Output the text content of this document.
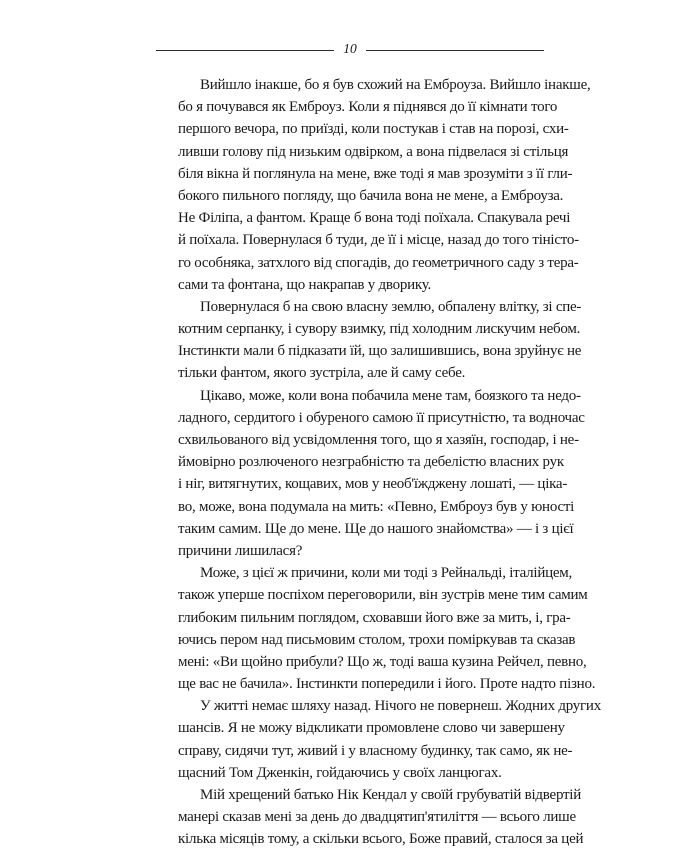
10
Вийшло інакше, бо я був схожий на Емброуза. Вийшло інакше,
бо я почувався як Емброуз. Коли я піднявся до її кімнати того
першого вечора, по приїзді, коли постукав і став на порозі, схи-
ливши голову під низьким одвірком, а вона підвелася зі стільця
біля вікна й поглянула на мене, вже тоді я мав зрозуміти з її гли-
бокого пильного погляду, що бачила вона не мене, а Емброуза.
Не Філіпа, а фантом. Краще б вона тоді поїхала. Спакувала речі
й поїхала. Повернулася б туди, де її і місце, назад до того тіністо-
го особняка, затхлого від спогадів, до геометричного саду з тера-
сами та фонтана, що накрапав у дворику.
Повернулася б на свою власну землю, обпалену влітку, зі спе-
котним серпанку, і сувору взимку, під холодним лискучим небом.
Інстинкти мали б підказати їй, що залишившись, вона зруйнує не
тільки фантом, якого зустріла, але й саму себе.
Цікаво, може, коли вона побачила мене там, боязкого та недо-
ладного, сердитого і обуреного самою її присутністю, та водночас
схвильованого від усвідомлення того, що я хазяїн, господар, і не-
ймовірно розлюченого незграбністю та дебелістю власних рук
і ніг, витягнутих, кощавих, мов у необ'їжджену лошаті, — ціка-
во, може, вона подумала на мить: «Певно, Емброуз був у юності
таким самим. Ще до мене. Ще до нашого знайомства» — і з цієї
причини лишилася?
Може, з цієї ж причини, коли ми тоді з Рейнальді, італійцем,
також уперше поспіхом переговорили, він зустрів мене тим самим
глибоким пильним поглядом, сховавши його вже за мить, і, гра-
ючись пером над письмовим столом, трохи поміркував та сказав
мені: «Ви щойно прибули? Що ж, тоді ваша кузина Рейчел, певно,
ще вас не бачила». Інстинкти попередили і його. Проте надто пізно.
У житті немає шляху назад. Нічого не повернеш. Жодних других
шансів. Я не можу відкликати промовлене слово чи завершену
справу, сидячи тут, живий і у власному будинку, так само, як не-
щасний Том Дженкін, гойдаючись у своїх ланцюгах.
Мій хрещений батько Нік Кендал у своїй грубуватій відвертій
манері сказав мені за день до двадцятип'ятиліття — всього лише
кілька місяців тому, а скільки всього, Боже правий, сталося за цей
